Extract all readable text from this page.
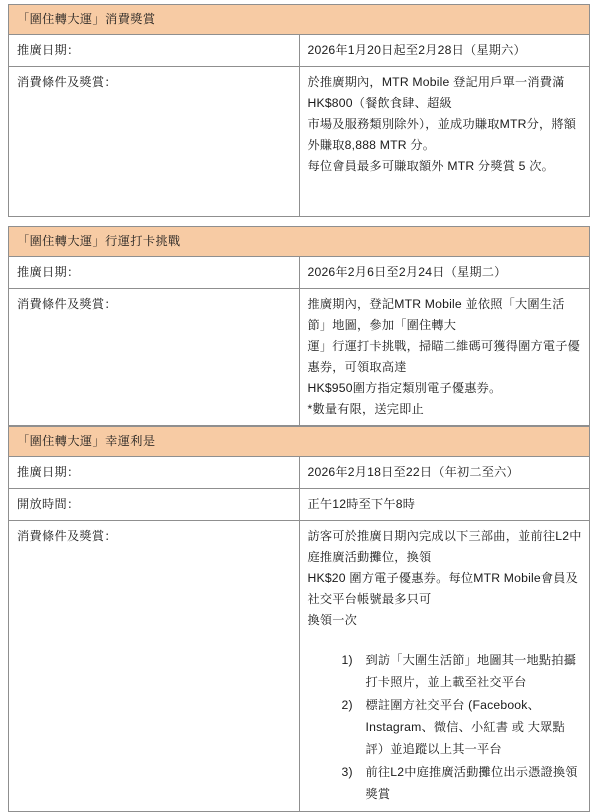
「圍住轉大運」消費獎賞	
推廣日期：	2026年1月20日起至2月28日（星期六）

消費條件及獎賞：	於推廣期內，MTR Mobile 登記用戶單一消費滿HK$800（餐飲食肆、超級
市場及服務類別除外），並成功賺取MTR分，將額外賺取8,888 MTR 分。
每位會員最多可賺取額外 MTR 分獎賞 5 次。
「圍住轉大運」行運打卡挑戰	
推廣日期：	2026年2月6日至2月24日（星期二）

消費條件及獎賞：	推廣期內，登記MTR Mobile 並依照「大圍生活節」地圖，參加「圍住轉大
運」行運打卡挑戰，掃瞄二維碼可獲得圍方電子優惠券，可領取高達
HK$950圍方指定類別電子優惠券。
*數量有限，送完即止
「圍住轉大運」幸運利是	
推廣日期：	2026年2月18日至22日（年初二至六）

開放時間：	正午12時至下午8時

消費條件及獎賞：	訪客可於推廣日期內完成以下三部曲，並前往L2中庭推廣活動攤位，換領
HK$20 圍方電子優惠券。每位MTR Mobile會員及社交平台帳號最多只可
換領一次
到訪「大圍生活節」地圖其一地點拍攝打卡照片，並上載至社交平台
標註圍方社交平台 (Facebook、Instagram、微信、小紅書 或 大眾點評）並追蹤以上其一平台
前往L2中庭推廣活動攤位出示憑證換領獎賞
